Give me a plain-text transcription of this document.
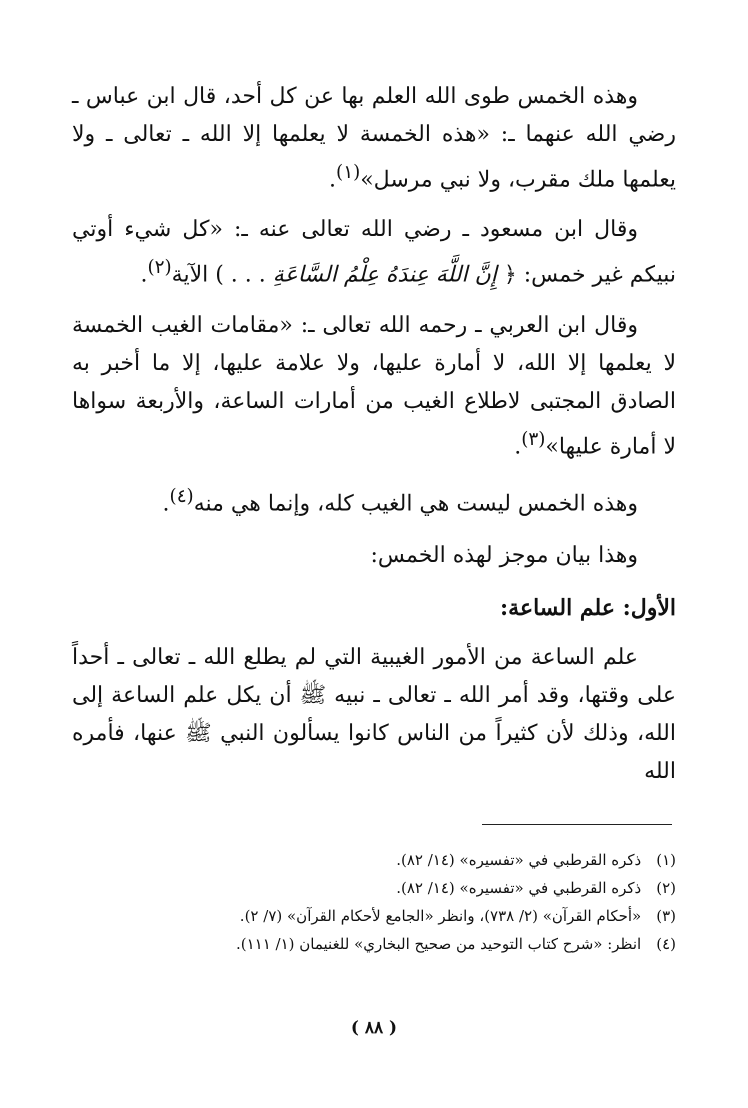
وهذه الخمس طوى الله العلم بها عن كل أحد، قال ابن عباس ـ رضي الله عنهما ـ: «هذه الخمسة لا يعلمها إلا الله ـ تعالى ـ ولا يعلمها ملك مقرب، ولا نبي مرسل»$^{(١)}$.

وقال ابن مسعود ـ رضي الله تعالى عنه ـ: «كل شيء أوتي نبيكم غير خمس: ﴿ إِنَّ اللَّهَ عِندَهُ عِلْمُ السَّاعَةِ . . . ) الآية$^{(٢)}$.

وقال ابن العربي ـ رحمه الله تعالى ـ: «مقامات الغيب الخمسة لا يعلمها إلا الله، لا أمارة عليها، ولا علامة عليها، إلا ما أخبر به الصادق المجتبى لاطلاع الغيب من أمارات الساعة، والأربعة سواها لا أمارة عليها»$^{(٣)}$.

وهذه الخمس ليست هي الغيب كله، وإنما هي منه$^{(٤)}$.

وهذا بيان موجز لهذه الخمس:

الأول: علم الساعة:

علم الساعة من الأمور الغيبية التي لم يطلع الله ـ تعالى ـ أحداً على وقتها، وقد أمر الله ـ تعالى ـ نبيه ﷺ أن يكل علم الساعة إلى الله، وذلك لأن كثيراً من الناس كانوا يسألون النبي ﷺ عنها، فأمره الله

(١) ذكره القرطبي في «تفسيره» (١٤/ ٨٢).
(٢) ذكره القرطبي في «تفسيره» (١٤/ ٨٢).
(٣) «أحكام القرآن» (٢/ ٧٣٨)، وانظر «الجامع لأحكام القرآن» (٧/ ٢).
(٤) انظر: «شرح كتاب التوحيد من صحيح البخاري» للغنيمان (١/ ١١١).
( ٨٨ )
